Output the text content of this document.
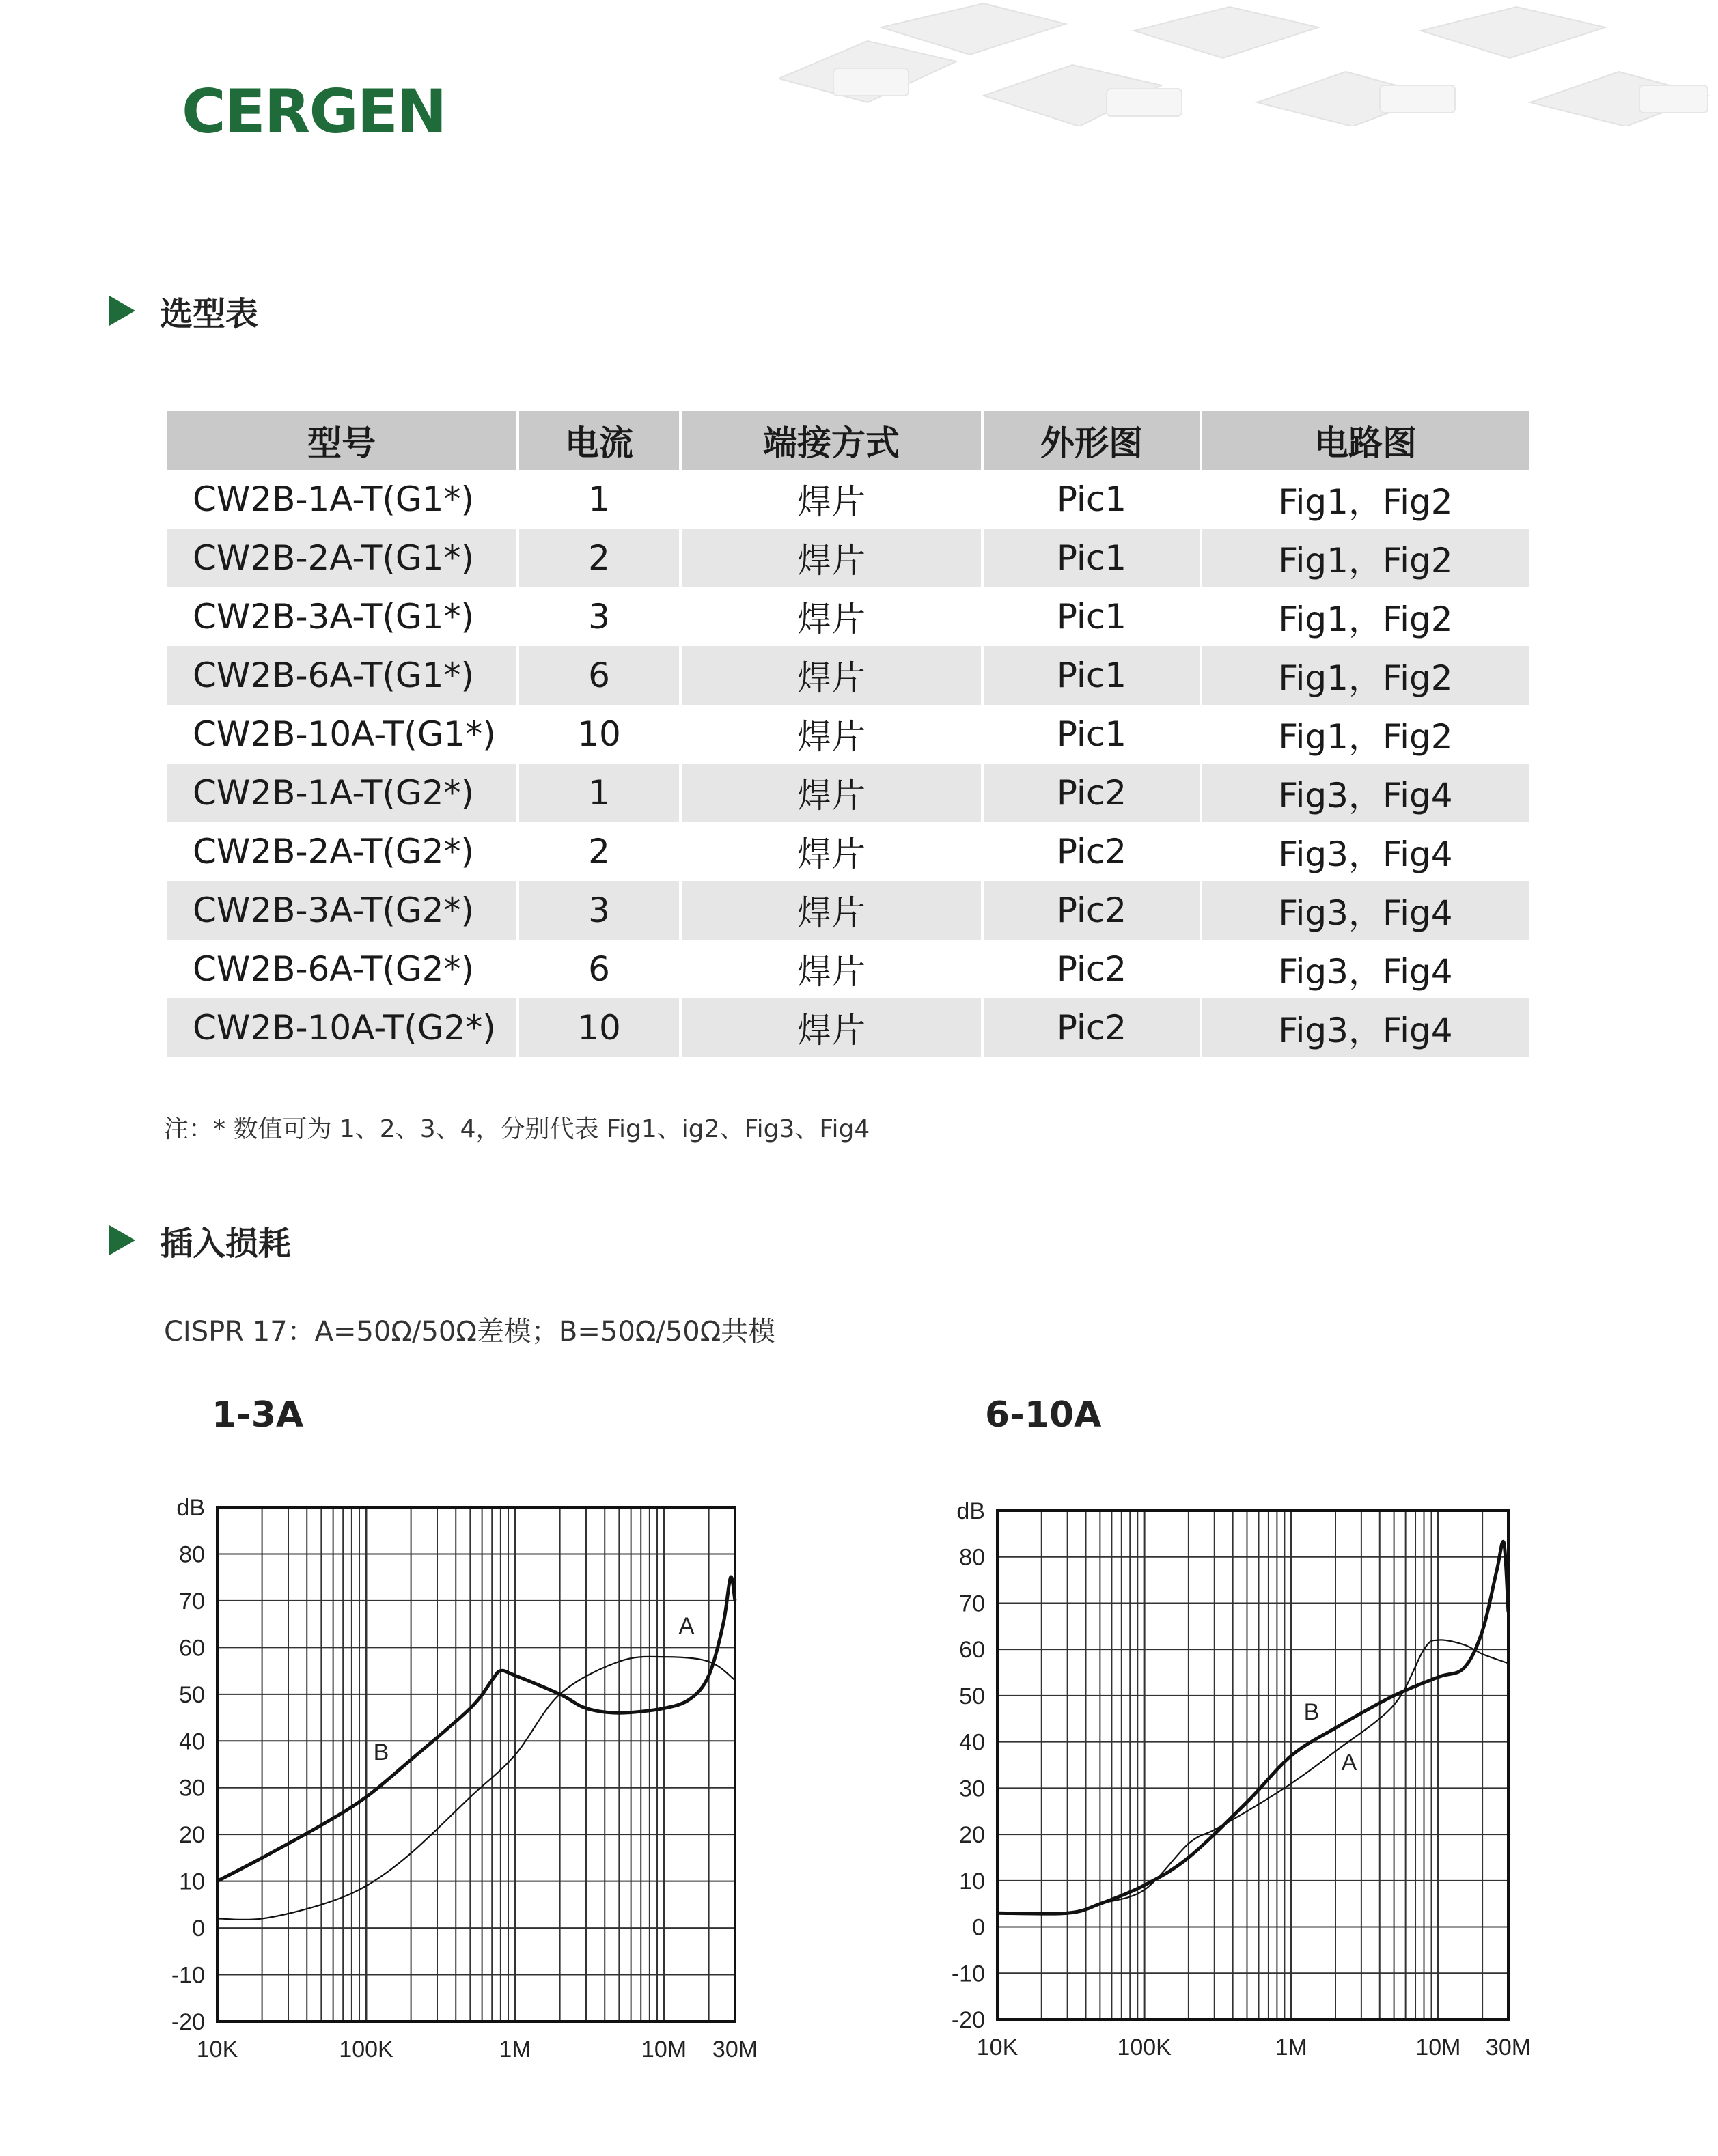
CERGEN
选型表
型号	电流	端接方式	外形图	电路图
CW2B-1A-T(G1*)	1	焊片	Pic1	Fig1，Fig2
CW2B-2A-T(G1*)	2	焊片	Pic1	Fig1，Fig2
CW2B-3A-T(G1*)	3	焊片	Pic1	Fig1，Fig2
CW2B-6A-T(G1*)	6	焊片	Pic1	Fig1，Fig2
CW2B-10A-T(G1*)	10	焊片	Pic1	Fig1，Fig2
CW2B-1A-T(G2*)	1	焊片	Pic2	Fig3，Fig4
CW2B-2A-T(G2*)	2	焊片	Pic2	Fig3，Fig4
CW2B-3A-T(G2*)	3	焊片	Pic2	Fig3，Fig4
CW2B-6A-T(G2*)	6	焊片	Pic2	Fig3，Fig4
CW2B-10A-T(G2*)	10	焊片	Pic2	Fig3，Fig4
注：* 数值可为 1、2、3、4，分别代表 Fig1、ig2、Fig3、Fig4
插入损耗
CISPR 17：A=50Ω/50Ω差模；B=50Ω/50Ω共模
1-3A	6-10A
80
70
60
50
40
30
20
10
0
-10
-20
dB
10K	100K	1M	10M 30M
A
B
80
70
60
50
40
30
20
10
0
-10
-20
dB
10K	100K	1M	10M 30M
A
B
